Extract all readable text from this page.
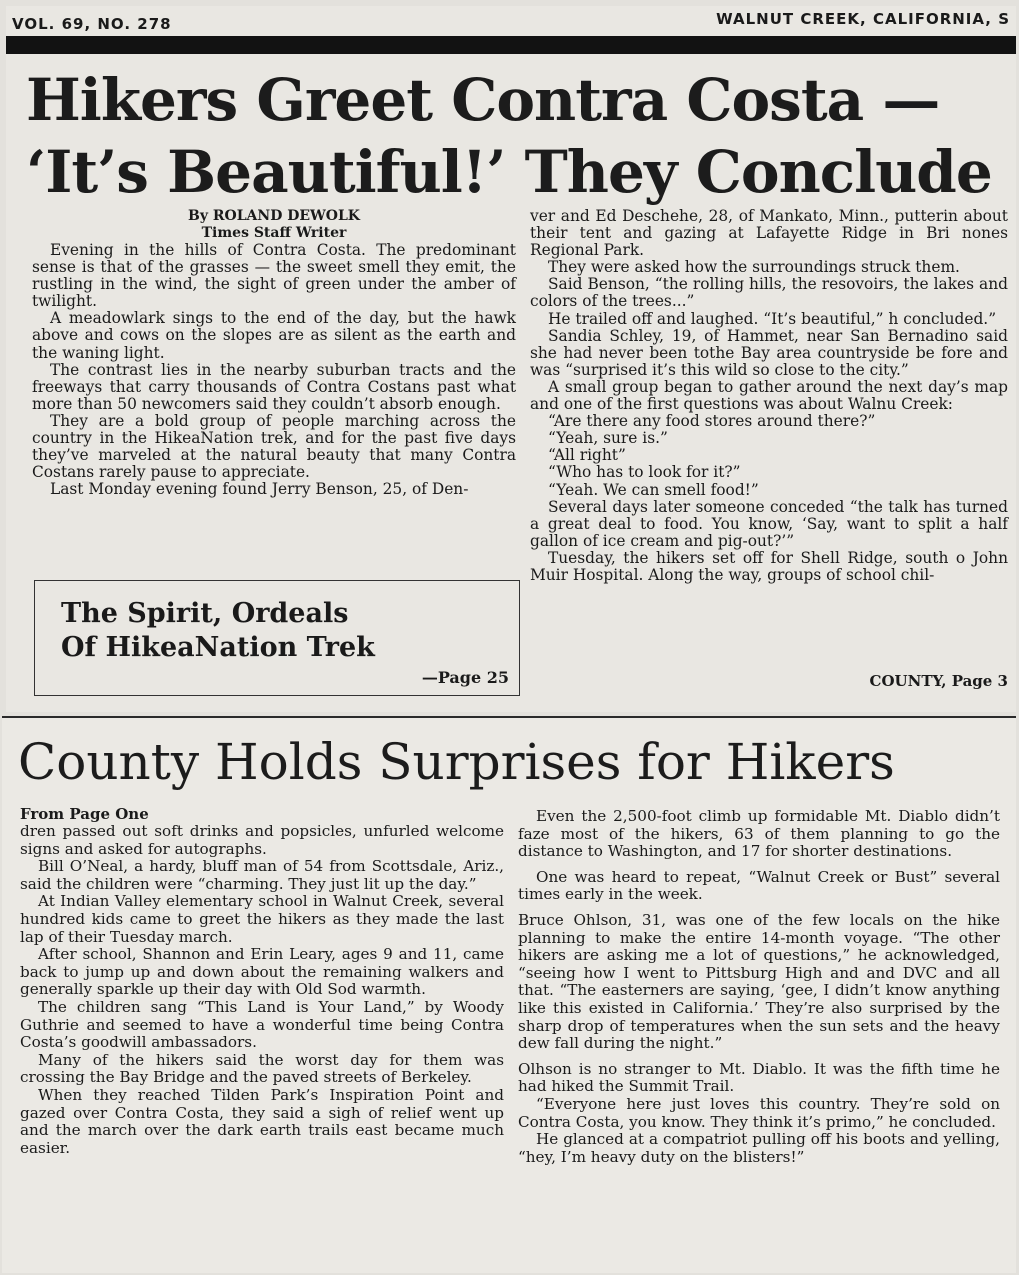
VOL. 69, NO. 278	WALNUT CREEK, CALIFORNIA, S
Hikers Greet Contra Costa —
‘It’s Beautiful!’ They Conclude
By ROLAND DEWOLK
Times Staff Writer

Evening in the hills of Contra Costa. The predominant sense is that of the grasses — the sweet smell they emit, the rustling in the wind, the sight of green under the amber of twilight.

A meadowlark sings to the end of the day, but the hawk above and cows on the slopes are as silent as the earth and the waning light.

The contrast lies in the nearby suburban tracts and the freeways that carry thousands of Contra Costans past what more than 50 newcomers said they couldn’t absorb enough.

They are a bold group of people marching across the country in the HikeaNation trek, and for the past five days they’ve marveled at the natural beauty that many Contra Costans rarely pause to appreciate.

Last Monday evening found Jerry Benson, 25, of Den-

The Spirit, Ordeals
Of HikeaNation Trek
—Page 25

ver and Ed Deschehe, 28, of Mankato, Minn., putterin about their tent and gazing at Lafayette Ridge in Bri nones Regional Park.

They were asked how the surroundings struck them.

Said Benson, “the rolling hills, the resovoirs, the lakes and colors of the trees...”

He trailed off and laughed. “It’s beautiful,” h concluded.”

Sandia Schley, 19, of Hammet, near San Bernadino said she had never been tothe Bay area countryside be fore and was “surprised it’s this wild so close to the city.”

A small group began to gather around the next day’s map and one of the first questions was about Walnu Creek:

“Are there any food stores around there?”

“Yeah, sure is.”

“All right”

“Who has to look for it?”

“Yeah. We can smell food!”

Several days later someone conceded “the talk has turned a great deal to food. You know, ‘Say, want to split a half gallon of ice cream and pig-out?’”

Tuesday, the hikers set off for Shell Ridge, south o John Muir Hospital. Along the way, groups of school chil-

COUNTY, Page 3
County Holds Surprises for Hikers
From Page One

dren passed out soft drinks and popsicles, unfurled welcome signs and asked for autographs.

Bill O’Neal, a hardy, bluff man of 54 from Scottsdale, Ariz., said the children were “charming. They just lit up the day.”

At Indian Valley elementary school in Walnut Creek, several hundred kids came to greet the hikers as they made the last lap of their Tuesday march.

After school, Shannon and Erin Leary, ages 9 and 11, came back to jump up and down about the remaining walkers and generally sparkle up their day with Old Sod warmth.

The children sang “This Land is Your Land,” by Woody Guthrie and seemed to have a wonderful time being Contra Costa’s goodwill ambassadors.

Many of the hikers said the worst day for them was crossing the Bay Bridge and the paved streets of Berkeley.

When they reached Tilden Park’s Inspiration Point and gazed over Contra Costa, they said a sigh of relief went up and the march over the dark earth trails east became much easier.

Even the 2,500-foot climb up formidable Mt. Diablo didn’t faze most of the hikers, 63 of them planning to go the distance to Washington, and 17 for shorter destinations.

One was heard to repeat, “Walnut Creek or Bust” several times early in the week.

Bruce Ohlson, 31, was one of the few locals on the hike planning to make the entire 14-month voyage. “The other hikers are asking me a lot of questions,” he acknowledged, “seeing how I went to Pittsburg High and and DVC and all that. “The easterners are saying, ‘gee, I didn’t know anything like this existed in California.’ They’re also surprised by the sharp drop of temperatures when the sun sets and the heavy dew fall during the night.”

Olhson is no stranger to Mt. Diablo. It was the fifth time he had hiked the Summit Trail.

“Everyone here just loves this country. They’re sold on Contra Costa, you know. They think it’s primo,” he concluded.

He glanced at a compatriot pulling off his boots and yelling, “hey, I’m heavy duty on the blisters!”
